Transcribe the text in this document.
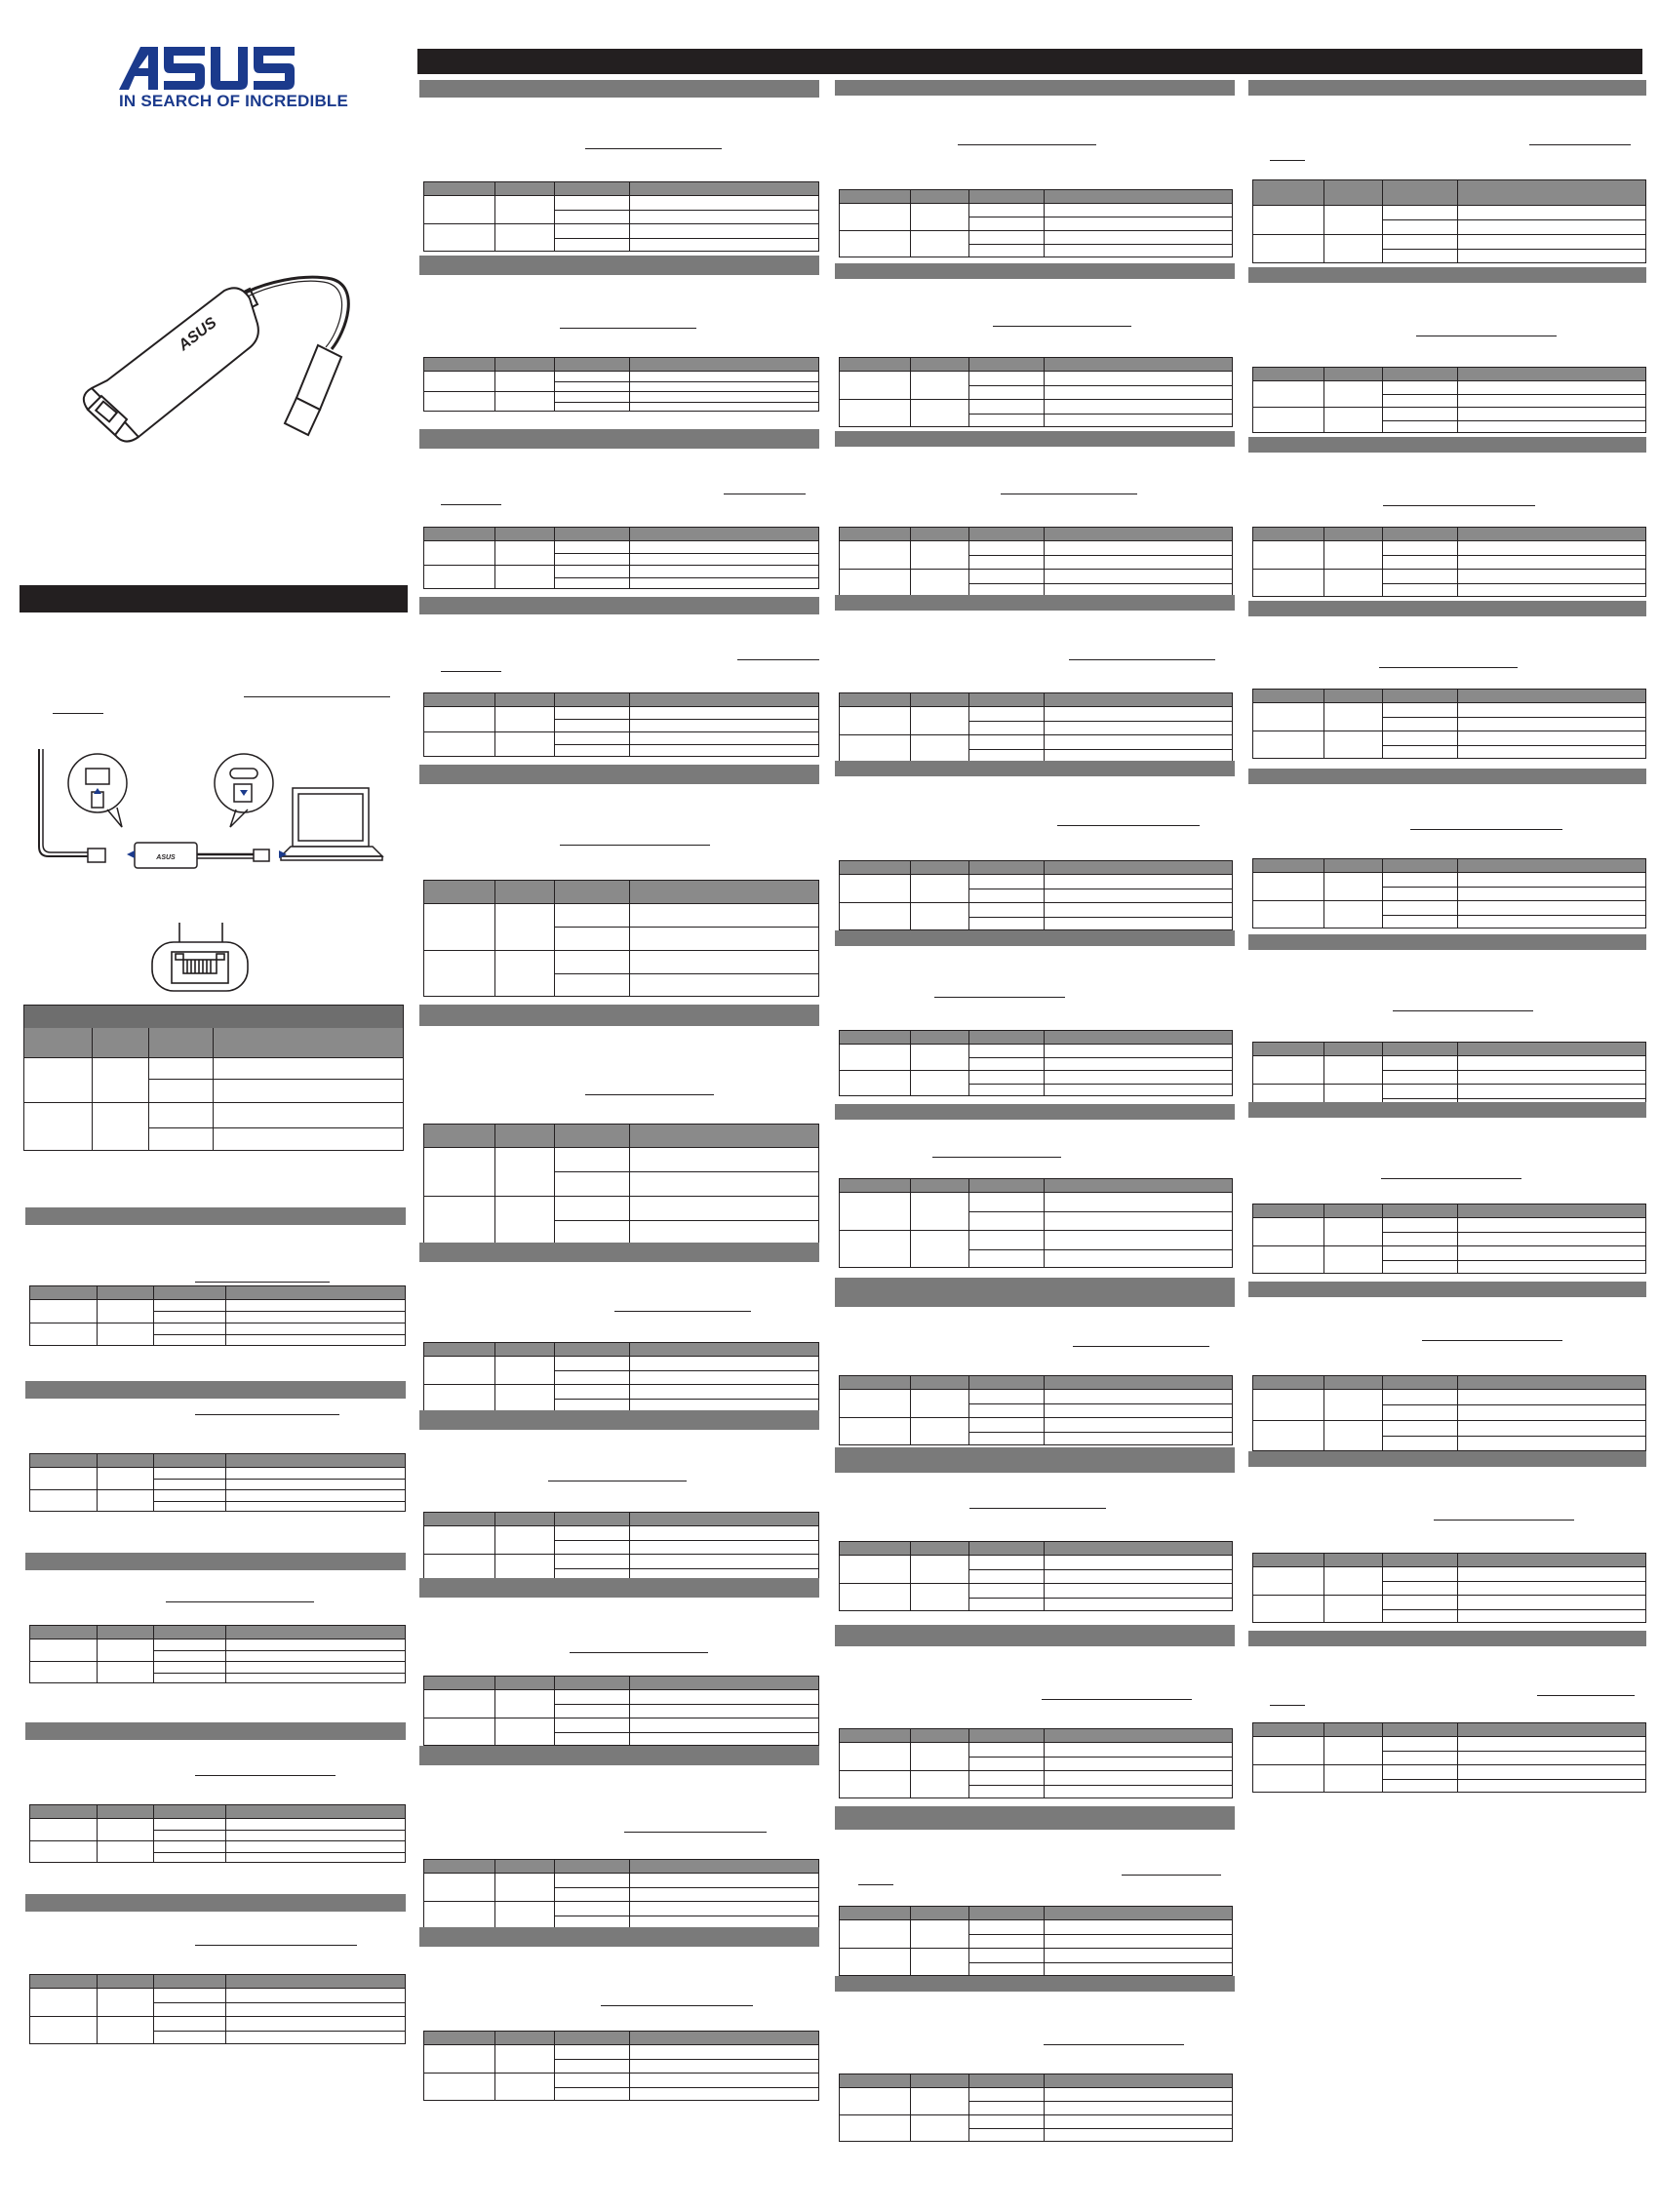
IN SEARCH OF INCREDIBLE
ASUS
ASUS
